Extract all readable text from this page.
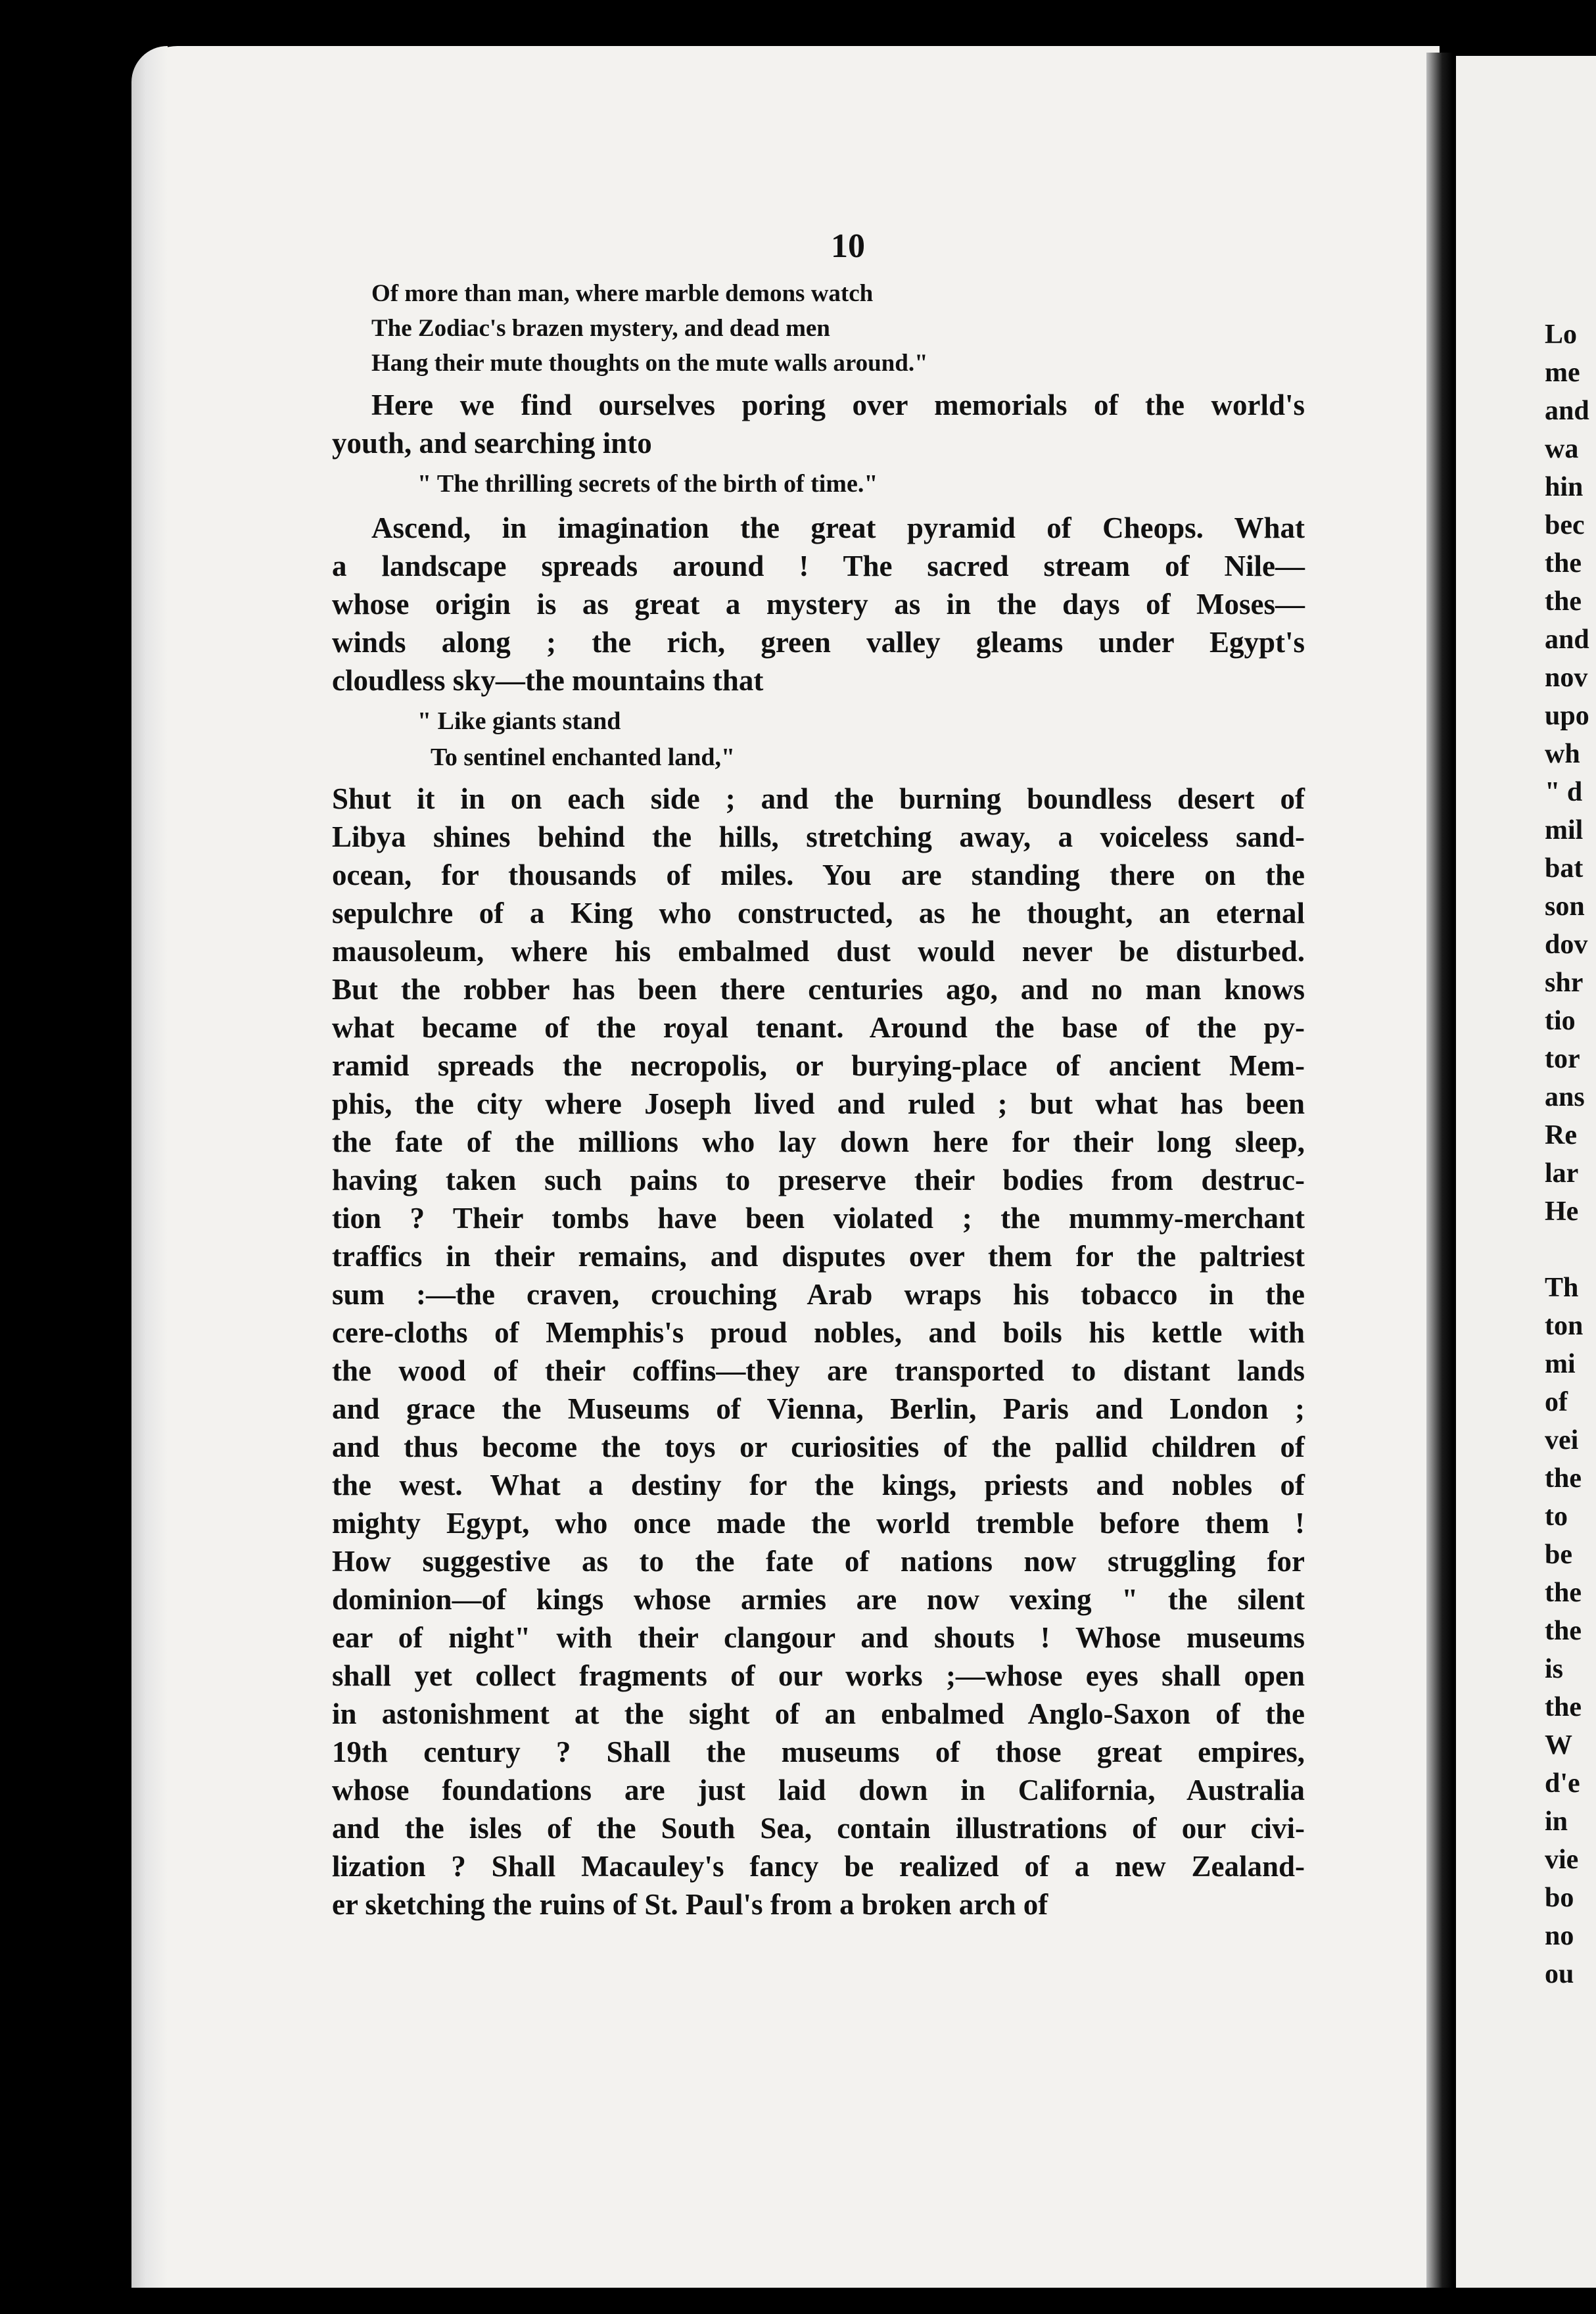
10
Of more than man, where marble demons watch
The Zodiac's brazen mystery, and dead men
Hang their mute thoughts on the mute walls around."
Here we find ourselves poring over memorials of the world's
youth, and searching into
" The thrilling secrets of the birth of time."
Ascend, in imagination the great pyramid of Cheops. What
a landscape spreads around ! The sacred stream of Nile—
whose origin is as great a mystery as in the days of Moses—
winds along ; the rich, green valley gleams under Egypt's
cloudless sky—the mountains that
" Like giants stand
To sentinel enchanted land,"
Shut it in on each side ; and the burning boundless desert of
Libya shines behind the hills, stretching away, a voiceless sand-
ocean, for thousands of miles. You are standing there on the
sepulchre of a King who constructed, as he thought, an eternal
mausoleum, where his embalmed dust would never be disturbed.
But the robber has been there centuries ago, and no man knows
what became of the royal tenant. Around the base of the py-
ramid spreads the necropolis, or burying-place of ancient Mem-
phis, the city where Joseph lived and ruled ; but what has been
the fate of the millions who lay down here for their long sleep,
having taken such pains to preserve their bodies from destruc-
tion ? Their tombs have been violated ; the mummy-merchant
traffics in their remains, and disputes over them for the paltriest
sum :—the craven, crouching Arab wraps his tobacco in the
cere-cloths of Memphis's proud nobles, and boils his kettle with
the wood of their coffins—they are transported to distant lands
and grace the Museums of Vienna, Berlin, Paris and London ;
and thus become the toys or curiosities of the pallid children of
the west. What a destiny for the kings, priests and nobles of
mighty Egypt, who once made the world tremble before them !
How suggestive as to the fate of nations now struggling for
dominion—of kings whose armies are now vexing " the silent
ear of night" with their clangour and shouts ! Whose museums
shall yet collect fragments of our works ;—whose eyes shall open
in astonishment at the sight of an enbalmed Anglo-Saxon of the
19th century ? Shall the museums of those great empires,
whose foundations are just laid down in California, Australia
and the isles of the South Sea, contain illustrations of our civi-
lization ? Shall Macauley's fancy be realized of a new Zealand-
er sketching the ruins of St. Paul's from a broken arch of
Lo
me
and
wa
hin
bec
the
the
and
nov
upo
wh
" d
mil
bat
son
dov
shr
tio
tor
ans
Re
lar
He

Th
ton
mi
of
vei
the
to
be
the
the
is
the
W
d'e
in
vie
bo
no
ou
